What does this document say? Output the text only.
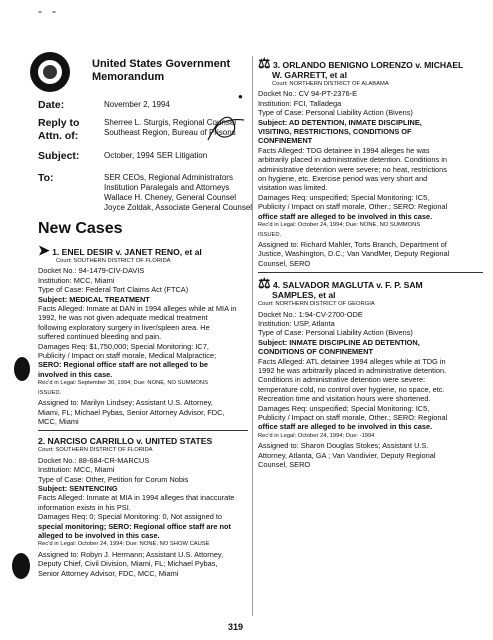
-   -
United States Government
Memorandum
Date:	November 2, 1994
Reply to
Attn. of:
Sherree L. Sturgis, Regional Counsel
Southeast Region, Bureau of Prisons
Subject:	October, 1994 SER Litigation
To:	SER CEOs, Regional Administrators
Institution Paralegals and Attorneys
Wallace H. Cheney, General Counsel
Joyce Zoldak, Associate General Counsel
●
New Cases
➤ 1. ENEL DESIR v. JANET RENO, et al

Court: SOUTHERN DISTRICT OF FLORIDA

Docket No.: 94-1479-CIV-DAVIS

Institution: MCC, Miami

Type of Case: Federal Tort Claims Act (FTCA)

Subject: MEDICAL TREATMENT

Facts Alleged: Inmate at DAN in 1994 alleges while at MIA in

1992, he was not given adequate medical treatment

following exploratory surgery in liver/spleen area. He

suffered continued bleeding and pain.

Damages Req: $1,750,000; Special Monitoring: IC7,

Publicity / Impact on staff morale, Medical Malpractice;

SERO: Regional office staff are not alleged to be

involved in this case.

Rec'd in Legal: September 30, 1994; Due: NONE, NO SUMMONS

ISSUED.

Assigned to: Marilyn Lindsey; Assistant U.S. Attorney,

Miami, FL; Michael Pybas, Senior Attorney Advisor, FDC,

MCC, Miami

2. NARCISO CARRILLO v. UNITED STATES

Court: SOUTHERN DISTRICT OF FLORIDA

Docket No.: 88-684-CR-MARCUS

Institution: MCC, Miami

Type of Case: Other, Petition for Corum Nobis

Subject: SENTENCING

Facts Alleged: Inmate at MIA in 1994 alleges that inaccurate

information exists in his PSI.

Damages Req: 0; Special Monitoring: 0, Not assigned to

special monitoring; SERO: Regional office staff are not

alleged to be involved in this case.

Rec'd in Legal: October 24, 1994; Due: NONE, NO SHOW CAUSE

Assigned to: Robyn J. Hermann; Assistant U.S. Attorney,

Deputy Chief, Civil Division, Miami, FL; Michael Pybas,

Senior Attorney Advisor, FDC, MCC, Miami

⚖ 3. ORLANDO BENIGNO LORENZO v. MICHAEL
W. GARRETT, et al

Court: NORTHERN DISTRICT OF ALABAMA

Docket No.: CV 94-PT-2376-E

Institution: FCI, Talladega

Type of Case: Personal Liability Action (Bivens)

Subject: AD DETENTION, INMATE DISCIPLINE,

VISITING, RESTRICTIONS, CONDITIONS OF

CONFINEMENT

Facts Alleged: TDG detainee in 1994 alleges he was

arbitrarily placed in administrative detention. Conditions in

administrative detention were severe; no heat, restrictions

on hygiene, etc. Exercise period was very short and

visitation was limited.

Damages Req: unspecified; Special Monitoring: IC5,

Publicity / Impact on staff morale, Other.; SERO: Regional

office staff are alleged to be involved in this case.

Rec'd in Legal: October 24, 1994; Due: NONE, NO SUMMONS

ISSUED.

Assigned to: Richard Mahler, Torts Branch, Department of

Justice, Washington, D.C.; Van VandMer, Deputy Regional

Counsel, SERO

⚖ 4. SALVADOR MAGLUTA v. F. P. SAM
SAMPLES, et al

Court: NORTHERN DISTRICT OF GEORGIA

Docket No.: 1:94-CV-2700-ODE

Institution: USP, Atlanta

Type of Case: Personal Liability Action (Bivens)

Subject: INMATE DISCIPLINE AD DETENTION,

CONDITIONS OF CONFINEMENT

Facts Alleged: ATL detainee 1994 alleges while at TDG in

1992 he was arbitrarily placed in administrative detention.

Conditions in administrative detention were severe:

temperature cold, no control over hygiene, no space, etc.

Recreation time and visitation hours were shortened.

Damages Req: unspecified; Special Monitoring: IC5,

Publicity / Impact on staff morale, Other.; SERO: Regional

office staff are alleged to be involved in this case.

Rec'd in Legal: October 24, 1994; Due: -1994

Assigned to: Sharon Douglas Stokes; Assistant U.S.

Attorney, Atlanta, GA ; Van Vandivier, Deputy Regional

Counsel, SERO

319
